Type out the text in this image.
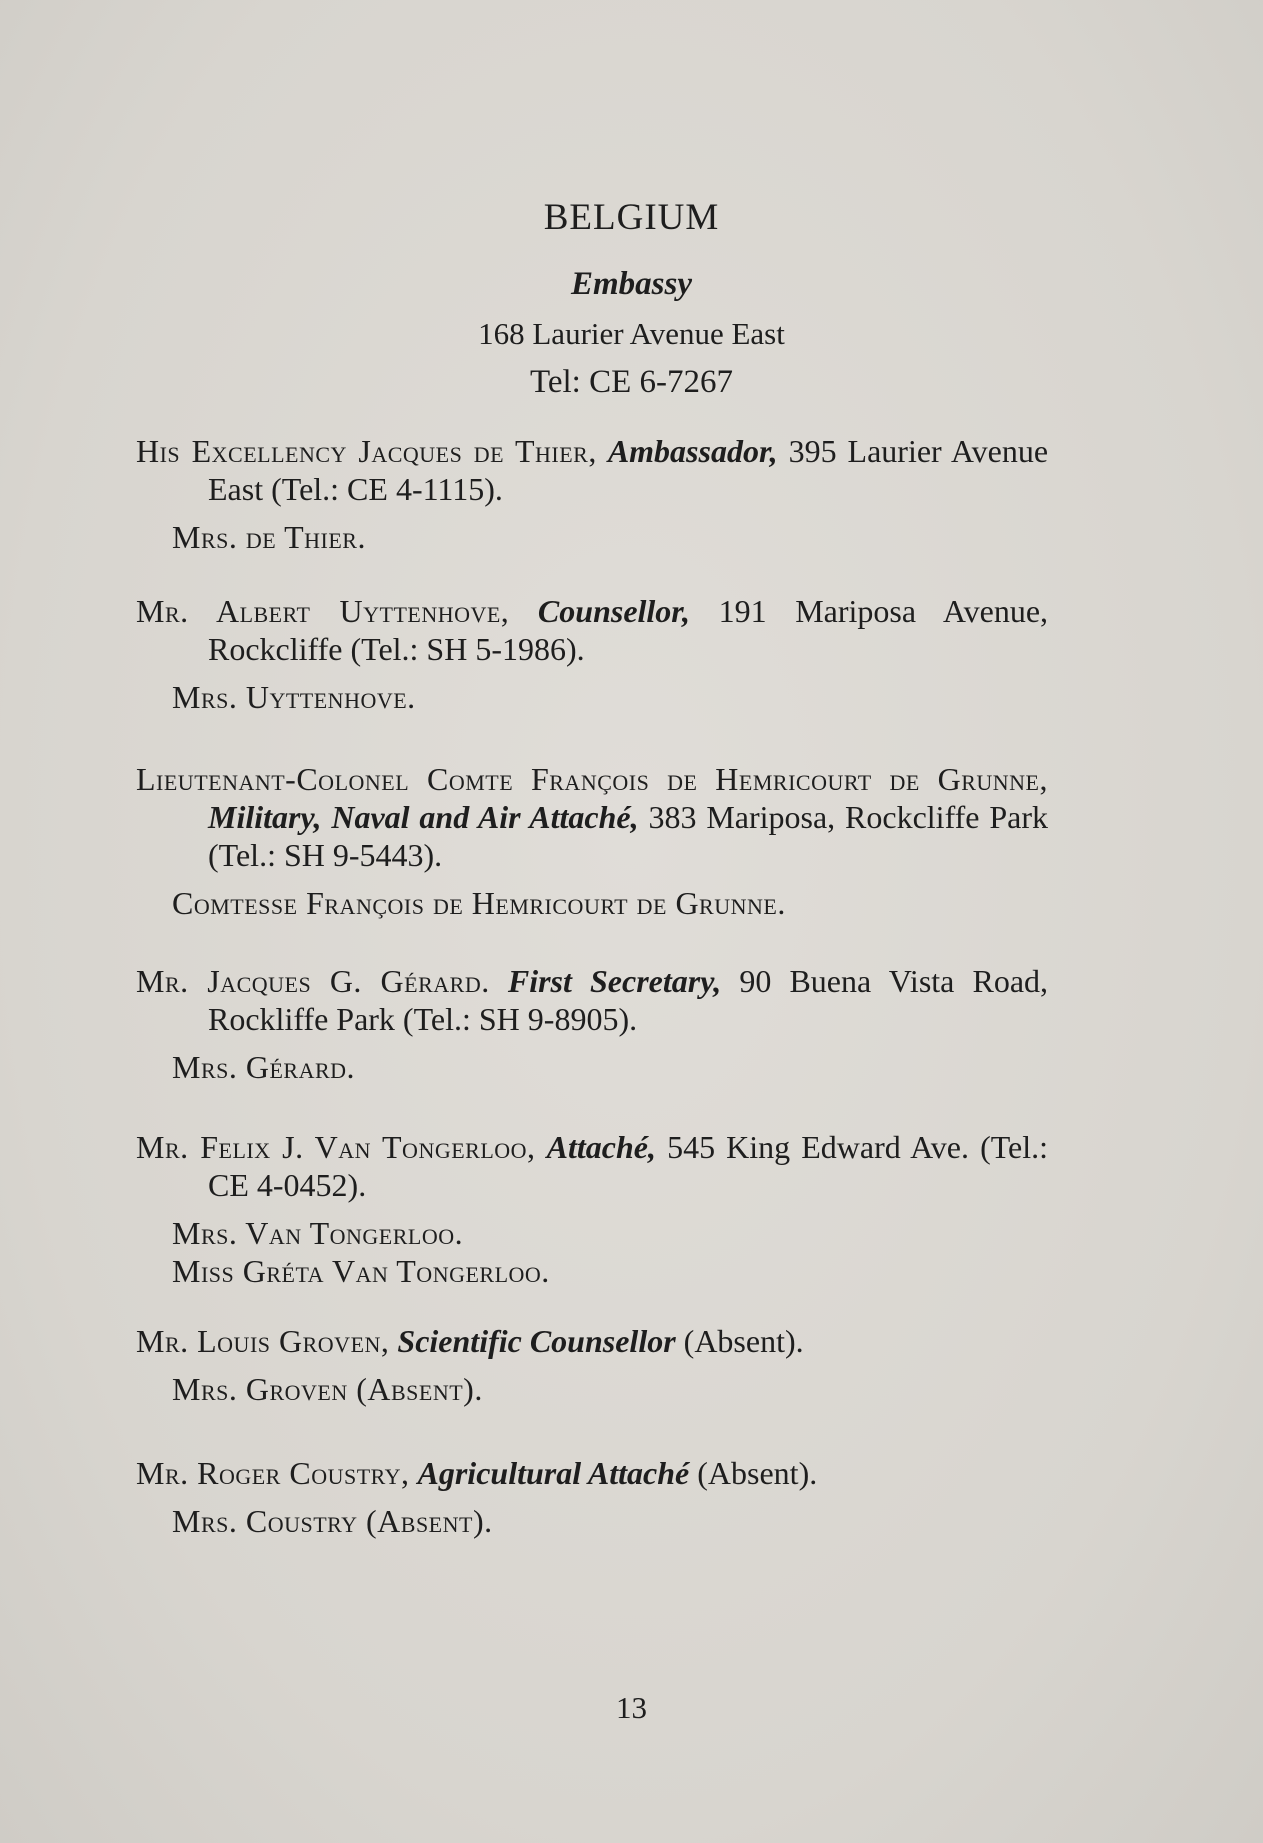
BELGIUM
Embassy
168 Laurier Avenue East
Tel: CE 6-7267
His Excellency Jacques de Thier, Ambassador, 395 Laurier Avenue East (Tel.: CE 4-1115).
Mrs. de Thier.
Mr. Albert Uyttenhove, Counsellor, 191 Mariposa Avenue, Rockcliffe (Tel.: SH 5-1986).
Mrs. Uyttenhove.
Lieutenant-Colonel Comte François de Hemricourt de Grunne, Military, Naval and Air Attaché, 383 Mariposa, Rockcliffe Park (Tel.: SH 9-5443).
Comtesse François de Hemricourt de Grunne.
Mr. Jacques G. Gérard. First Secretary, 90 Buena Vista Road, Rockliffe Park (Tel.: SH 9-8905).
Mrs. Gérard.
Mr. Felix J. Van Tongerloo, Attaché, 545 King Edward Ave. (Tel.: CE 4-0452).
Mrs. Van Tongerloo.
Miss Gréta Van Tongerloo.
Mr. Louis Groven, Scientific Counsellor (Absent).
Mrs. Groven (Absent).
Mr. Roger Coustry, Agricultural Attaché (Absent).
Mrs. Coustry (Absent).
13
